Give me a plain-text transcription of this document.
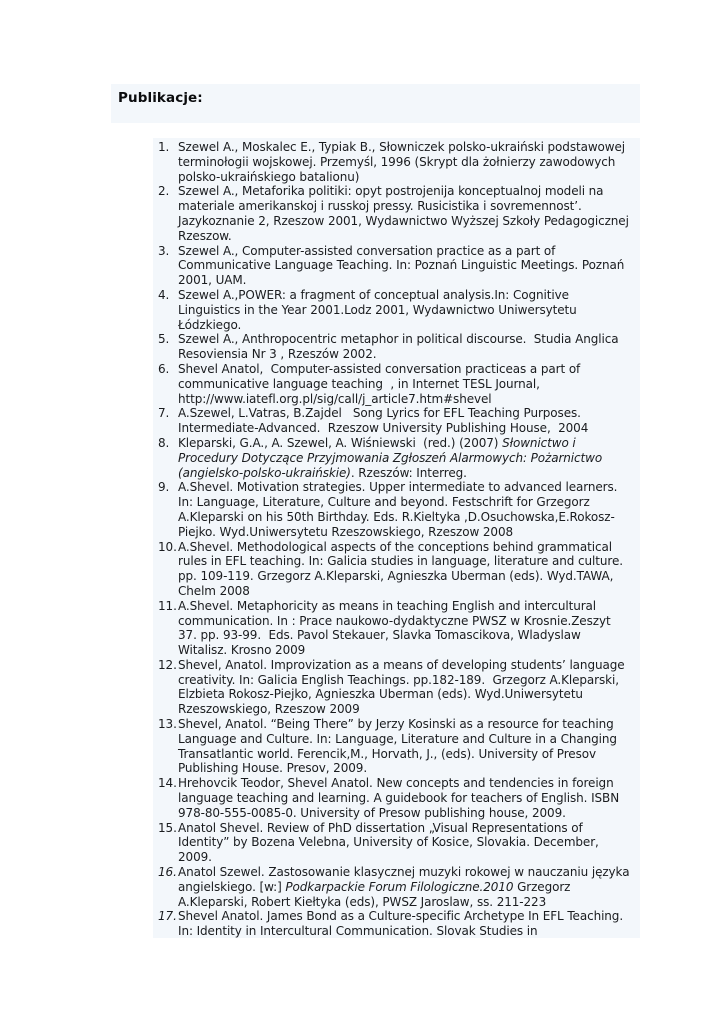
Publikacje:
1. Szewel A., Moskalec E., Typiak B., Słowniczek polsko-ukraiński podstawowej terminołogii wojskowej. Przemyśl, 1996 (Skrypt dla żołnierzy zawodowych polsko-ukraińskiego batalionu)
2. Szewel A., Metaforika politiki: opyt postrojenija konceptualnoj modeli na materiale amerikanskoj i russkoj pressy. Rusicistika i sovremennost’. Jazykoznanie 2, Rzeszow 2001, Wydawnictwo Wyższej Szkoły Pedagogicznej Rzeszow.
3. Szewel A., Computer-assisted conversation practice as a part of Communicative Language Teaching. In: Poznań Linguistic Meetings. Poznań 2001, UAM.
4. Szewel A.,POWER: a fragment of conceptual analysis.In: Cognitive Linguistics in the Year 2001.Lodz 2001, Wydawnictwo Uniwersytetu Łódzkiego.
5. Szewel A., Anthropocentric metaphor in political discourse.  Studia Anglica Resoviensia Nr 3 , Rzeszów 2002.
6. Shevel Anatol,  Computer-assisted conversation practiceas a part of communicative language teaching  , in Internet TESL Journal, http://www.iatefl.org.pl/sig/call/j_article7.htm#shevel
7. A.Szewel, L.Vatras, B.Zajdel   Song Lyrics for EFL Teaching Purposes. Intermediate-Advanced.  Rzeszow University Publishing House,  2004
8. Kleparski, G.A., A. Szewel, A. Wiśniewski  (red.) (2007) Słownictwo i Procedury Dotyczące Przyjmowania Zgłoszeń Alarmowych: Pożarnictwo (angielsko-polsko-ukraińskie). Rzeszów: Interreg.
9. A.Shevel. Motivation strategies. Upper intermediate to advanced learners. In: Language, Literature, Culture and beyond. Festschrift for Grzegorz A.Kleparski on his 50th Birthday. Eds. R.Kieltyka ,D.Osuchowska,E.Rokosz-Piejko. Wyd.Uniwersytetu Rzeszowskiego, Rzeszow 2008
10. A.Shevel. Methodological aspects of the conceptions behind grammatical rules in EFL teaching. In: Galicia studies in language, literature and culture. pp. 109-119. Grzegorz A.Kleparski, Agnieszka Uberman (eds). Wyd.TAWA, Chelm 2008
11. A.Shevel. Metaphoricity as means in teaching English and intercultural communication. In : Prace naukowo-dydaktyczne PWSZ w Krosnie.Zeszyt 37. pp. 93-99.  Eds. Pavol Stekauer, Slavka Tomascikova, Wladyslaw Witalisz. Krosno 2009
12. Shevel, Anatol. Improvization as a means of developing students’ language creativity. In: Galicia English Teachings. pp.182-189.  Grzegorz A.Kleparski, Elzbieta Rokosz-Piejko, Agnieszka Uberman (eds). Wyd.Uniwersytetu Rzeszowskiego, Rzeszow 2009
13. Shevel, Anatol. “Being There” by Jerzy Kosinski as a resource for teaching Language and Culture. In: Language, Literature and Culture in a Changing Transatlantic world. Ferencik,M., Horvath, J., (eds). University of Presov Publishing House. Presov, 2009.
14. Hrehovcik Teodor, Shevel Anatol. New concepts and tendencies in foreign language teaching and learning. A guidebook for teachers of English. ISBN 978-80-555-0085-0. University of Presow publishing house, 2009.
15. Anatol Shevel. Review of PhD dissertation „Visual Representations of Identity” by Bozena Velebna, University of Kosice, Slovakia. December, 2009.
16. Anatol Szewel. Zastosowanie klasycznej muzyki rokowej w nauczaniu języka angielskiego. [w:] Podkarpackie Forum Filologiczne.2010 Grzegorz A.Kleparski, Robert Kiełtyka (eds), PWSZ Jaroslaw, ss. 211-223
17. Shevel Anatol. James Bond as a Culture-specific Archetype In EFL Teaching. In: Identity in Intercultural Communication. Slovak Studies in
